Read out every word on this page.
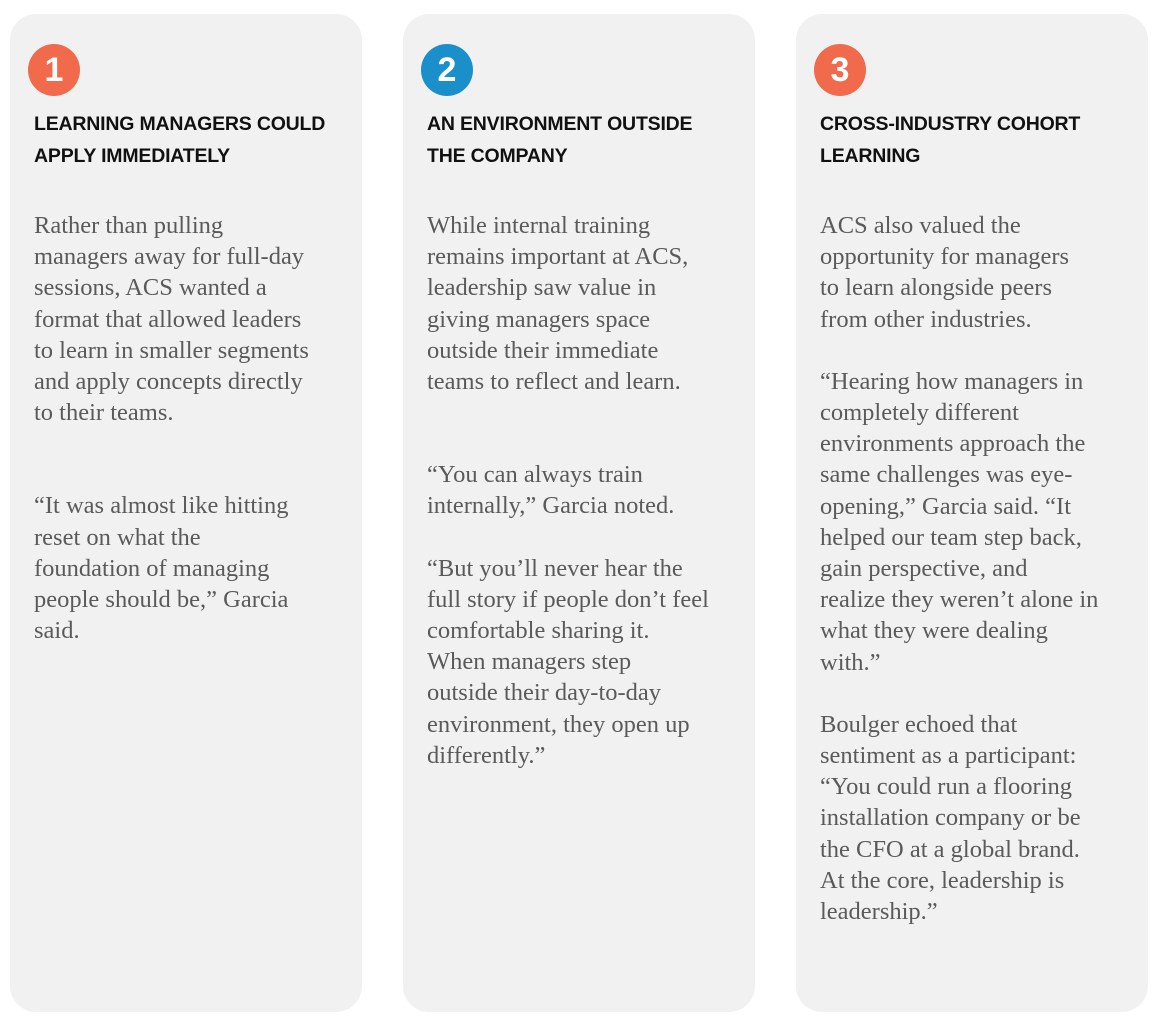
1
LEARNING MANAGERS COULD
APPLY IMMEDIATELY

Rather than pulling
managers away for full-day
sessions, ACS wanted a
format that allowed leaders
to learn in smaller segments
and apply concepts directly
to their teams.

“It was almost like hitting
reset on what the
foundation of managing
people should be,” Garcia
said.

2
AN ENVIRONMENT OUTSIDE
THE COMPANY

While internal training
remains important at ACS,
leadership saw value in
giving managers space
outside their immediate
teams to reflect and learn.

“You can always train
internally,” Garcia noted.

“But you’ll never hear the
full story if people don’t feel
comfortable sharing it.
When managers step
outside their day-to-day
environment, they open up
differently.”

3
CROSS-INDUSTRY COHORT
LEARNING

ACS also valued the
opportunity for managers
to learn alongside peers
from other industries.

“Hearing how managers in
completely different
environments approach the
same challenges was eye-
opening,” Garcia said. “It
helped our team step back,
gain perspective, and
realize they weren’t alone in
what they were dealing
with.”

Boulger echoed that
sentiment as a participant:
“You could run a flooring
installation company or be
the CFO at a global brand.
At the core, leadership is
leadership.”
